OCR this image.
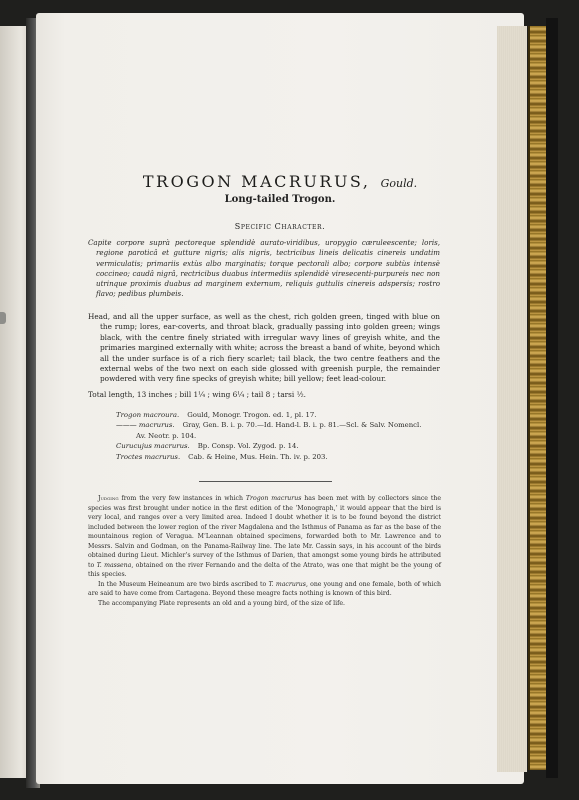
TROGON MACRURUS, Gould.
Long-tailed Trogon.
Specific Character.

Capite corpore suprà pectoreque splendidè aurato-viridibus, uropygio cæruleescente; loris, regione paroticâ et gutture nigris; alis nigris, tectricibus lineis delicatis cinereis undatim vermiculatis; primariis extùs albo marginatis; torque pectorali albo; corpore subtùs intensè coccineo; caudâ nigrâ, rectricibus duabus intermediis splendidè viresecenti-purpureis nec non utrinque proximis duabus ad marginem externum, reliquis guttulis cinereis adspersis; rostro flavo; pedibus plumbeis.

Head, and all the upper surface, as well as the chest, rich golden green, tinged with blue on the rump; lores, ear-coverts, and throat black, gradually passing into golden green; wings black, with the centre finely striated with irregular wavy lines of greyish white, and the primaries margined externally with white; across the breast a band of white, beyond which all the under surface is of a rich fiery scarlet; tail black, the two centre feathers and the external webs of the two next on each side glossed with greenish purple, the remainder powdered with very fine specks of greyish white; bill yellow; feet lead-colour.

Total length, 13 inches ; bill 1¼ ; wing 6¼ ; tail 8 ; tarsi ½.
Trogon macroura. Gould, Monogr. Trogon. ed. 1, pl. 17.
——— macrurus. Gray, Gen. B. i. p. 70.—Id. Hand-l. B. i. p. 81.—Scl. & Salv. Nomencl.
Av. Neotr. p. 104.
Curucujus macrurus. Bp. Consp. Vol. Zygod. p. 14.
Troctes macrurus. Cab. & Heine, Mus. Hein. Th. iv. p. 203.

Judging from the very few instances in which Trogon macrurus has been met with by collectors since the species was first brought under notice in the first edition of the ‘Monograph,’ it would appear that the bird is very local, and ranges over a very limited area. Indeed I doubt whether it is to be found beyond the district included between the lower region of the river Magdalena and the Isthmus of Panama as far as the base of the mountainous region of Veragua. M‘Leannan obtained specimens, forwarded both to Mr. Lawrence and to Messrs. Salvin and Godman, on the Panama-Railway line. The late Mr. Cassin says, in his account of the birds obtained during Lieut. Michler’s survey of the Isthmus of Darien, that amongst some young birds he attributed to T. massena, obtained on the river Fernando and the delta of the Atrato, was one that might be the young of this species.

In the Museum Heineanum are two birds ascribed to T. macrurus, one young and one female, both of which are said to have come from Cartagena. Beyond these meagre facts nothing is known of this bird.

The accompanying Plate represents an old and a young bird, of the size of life.
